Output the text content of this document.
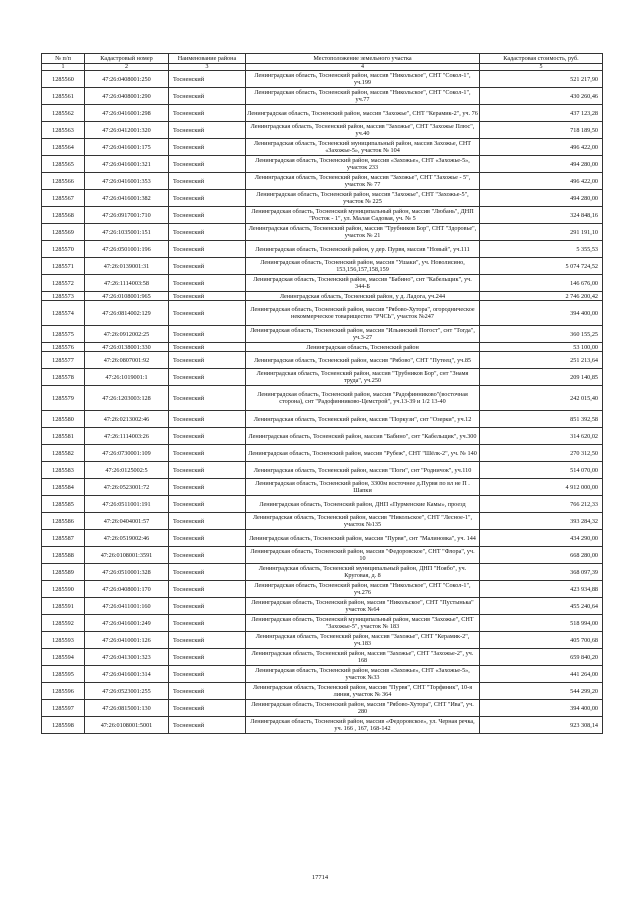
№ п/п	Кадастровый номер	Наименование района	Местоположение земельного участка	Кадастровая стоимость, руб.
1	2	3	4	5
1285560	47:26:0408001:250	Тосненский	Ленинградская область, Тосненский район, массив "Никольское", СНТ "Сокол-1", уч.199	521 217,90
1285561	47:26:0408001:290	Тосненский	Ленинградская область, Тосненский район, массив "Никольское", СНТ "Сокол-1", уч.77	430 260,46
1285562	47:26:0416001:298	Тосненский	Ленинградская область, Тосненский район, массив "Захожье", СНТ "Керамик-2", уч. 76	437 123,28
1285563	47:26:0412001:320	Тосненский	Ленинградская область, Тосненский район, массив "Захожье", СНТ "Захожье Плюс", уч.40	718 189,50
1285564	47:26:0416001:175	Тосненский	Ленинградская область, Тосненский муниципальный район, массив Захожье, СНТ «Захожье-5», участок № 104	496 422,00
1285565	47:26:0416001:321	Тосненский	Ленинградская область, Тосненский район, массив «Захожье», СНТ «Захожье-5», участок 233	494 280,00
1285566	47:26:0416001:353	Тосненский	Ленинградская область, Тосненский район, массив "Захожье", СНТ "Захожье - 5", участок № 77	496 422,00
1285567	47:26:0416001:382	Тосненский	Ленинградская область, Тосненский район, массив "Захожье", СНТ "Захожье-5", участок № 225	494 280,00
1285568	47:26:0917001:710	Тосненский	Ленинградская область, Тосненский муниципальный район, массив "Любань", ДНП "Росток - 1", ул. Малая Садовая, уч. № 5	324 848,16
1285569	47:26:1035001:151	Тосненский	Ленинградская область, Тосненский район, массив "Трубников Бор", СНТ "Здоровье", участок № 21	291 191,10
1285570	47:26:0501001:196	Тосненский	Ленинградская область, Тосненский район, у дер. Пурвя, массив "Новый", уч.111	5 355,53
1285571	47:26:0139001:31	Тосненский	Ленинградская область, Тосненский район, массив "Ушаки", уч. Новолисино, 153,156,157,158,159	5 074 724,52
1285572	47:26:1114003:58	Тосненский	Ленинградская область, Тосненский район, массив "Бабино", снт "Кабельщик", уч. 344-Б	146 676,00
1285573	47:26:0108001:965	Тосненский	Ленинградская область, Тосненский район, у д. Ладога, уч.244	2 746 200,42
1285574	47:26:0814002:129	Тосненский	Ленинградская область, Тосненский район, массив "Рябово-Хутора", огородническое некоммерческое товарищество "РЧСЬ", участок №247	394 400,00
1285575	47:26:0912002:25	Тосненский	Ленинградская область, Тосненский район, массив "Ильинский Погост", снт "Тогда", уч.3-27	360 155,25
1285576	47:26:0138001:330	Тосненский	Ленинградская область, Тосненский район	53 100,00
1285577	47:26:0807001:92	Тосненский	Ленинградская область, Тосненский район, массив "Рябово", СНТ "Путеец", уч.85	251 213,64
1285578	47:26:1019001:1	Тосненский	Ленинградская область, Тосненский район, массив "Трубников Бор", снт "Знамя труда", уч.250	209 140,85
1285579	47:26:1203003:128	Тосненский	Ленинградская область, Тосненский район, массив "Радофинниково"(восточная сторона), снт "Радофинниково-Цемстрой", уч.13-39 и 1/2 13-40	242 015,40
1285580	47:26:0213002:46	Тосненский	Ленинградская область, Тосненский район, массив "Поркузи", снт "Озерки", уч.12	851 392,58
1285581	47:26:1114003:26	Тосненский	Ленинградская область, Тосненский район, массив "Бабино", снт "Кабельщик", уч.300	314 620,02
1285582	47:26:0730001:109	Тосненский	Ленинградская область, Тосненский район, массив "Рубеж", СНТ "Шёлк-2", уч. № 140	270 312,50
1285583	47:26:0125002:5	Тосненский	Ленинградская область, Тосненский район, массив "Поги", снт "Родничок", уч.110	514 070,00
1285584	47:26:0523001:72	Тосненский	Ленинградская область, Тосненский район, 3300м восточнее д.Пурвя по вл не П . Шапки	4 912 000,00
1285585	47:26:0511001:191	Тосненский	Ленинградская область, Тосненский район, ДНП «Пурменские Камы», проезд	766 212,33
1285586	47:26:0404001:57	Тосненский	Ленинградская область, Тосненский район, массив "Никольское", СНТ "Лесное-1", участок №135	393 284,32
1285587	47:26:0519002:46	Тосненский	Ленинградская область, Тосненский район, массив "Пурвя", снт "Малиновка", уч. 144	434 290,00
1285588	47:26:0108001:3591	Тосненский	Ленинградская область, Тосненский район, массив "Федоровское", СНТ "Флора", уч. 10	668 280,00
1285589	47:26:0510001:328	Тосненский	Ленинградская область, Тосненский муниципальный район, ДНП "Ноябо", уч. Круговая, д. 8	368 097,39
1285590	47:26:0408001:170	Тосненский	Ленинградская область, Тосненский район, массив "Никольское", СНТ "Сокол-1", уч.276	423 934,88
1285591	47:26:0411001:160	Тосненский	Ленинградская область, Тосненский район, массив "Никольское", СНТ "Пустынька" участок №64	455 240,64
1285592	47:26:0416001:249	Тосненский	Ленинградская область, Тосненский муниципальный район, массив "Захожье", СНТ "Захожье-5", участок № 183	518 994,00
1285593	47:26:0410001:126	Тосненский	Ленинградская область, Тосненский район, массив "Захожье", СНТ "Керамик-2", уч.183	405 700,68
1285594	47:26:0413001:323	Тосненский	Ленинградская область, Тосненский район, массив "Захожье", СНТ "Захожье-2", уч. 168	659 840,20
1285595	47:26:0416001:314	Тосненский	Ленинградская область, Тосненский район, массив «Захожье», СНТ «Захожье-5», участок №33	441 264,00
1285596	47:26:0523001:255	Тосненский	Ленинградская область, Тосненский район, массив "Пурвя", СНТ "Торфяник", 10-я линия, участок № 364	544 299,20
1285597	47:26:0815001:130	Тосненский	Ленинградская область, Тосненский район, массив "Рябово-Хутора", СНТ "Ива", уч. 280	394 400,00
1285598	47:26:0108001:5001	Тосненский	Ленинградская область, Тосненский район, массив «Федоровское», ул. Черная речка, уч. 166 , 167, 168-142	923 308,14
17714
